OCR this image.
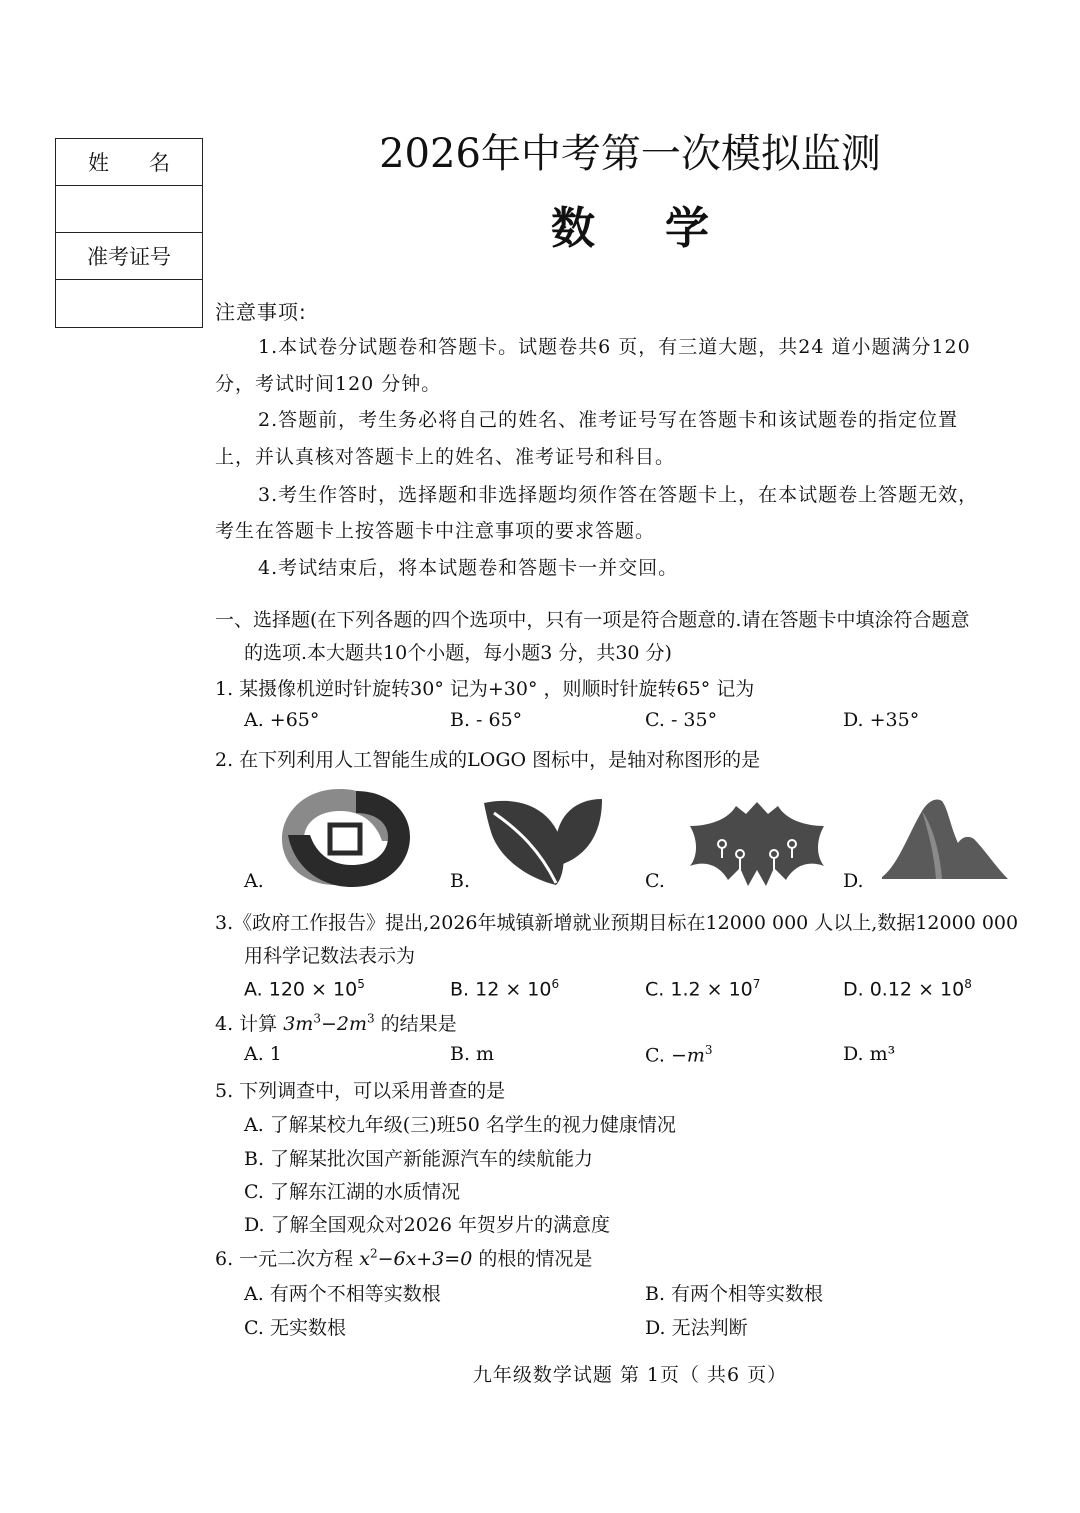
姓名
准考证号
2026年中考第一次模拟监测
数学
注意事项:
1.本试卷分试题卷和答题卡。试题卷共6 页，有三道大题，共24 道小题满分120
分，考试时间120 分钟。
2.答题前，考生务必将自己的姓名、准考证号写在答题卡和该试题卷的指定位置
上，并认真核对答题卡上的姓名、准考证号和科目。
3.考生作答时，选择题和非选择题均须作答在答题卡上，在本试题卷上答题无效，
考生在答题卡上按答题卡中注意事项的要求答题。
4.考试结束后，将本试题卷和答题卡一并交回。
一、选择题(在下列各题的四个选项中，只有一项是符合题意的.请在答题卡中填涂符合题意
的选项.本大题共10个小题，每小题3 分，共30 分)
1. 某摄像机逆时针旋转30° 记为+30° ，则顺时针旋转65° 记为
A. +65°	B. - 65°	C. - 35°	D. +35°
2. 在下列利用人工智能生成的LOGO 图标中，是轴对称图形的是
A.	B.	C.	D.
3.《政府工作报告》提出,2026年城镇新增就业预期目标在12000 000 人以上,数据12000 000
用科学记数法表示为
A. $120 \times 10^5$	B. $12 \times 10^6$	C. $1.2 \times 10^7$	D. $0.12 \times 10^8$
4. 计算 $3m^3-2m^3$ 的结果是
A. 1	B. m	C. $-m^3$	D. m³
5. 下列调查中，可以采用普查的是
A. 了解某校九年级(三)班50 名学生的视力健康情况
B. 了解某批次国产新能源汽车的续航能力
C. 了解东江湖的水质情况
D. 了解全国观众对2026 年贺岁片的满意度
6. 一元二次方程 $x^2-6x+3=0$ 的根的情况是
A. 有两个不相等实数根	B. 有两个相等实数根
C. 无实数根	D. 无法判断
九年级数学试题 第 1页（ 共6 页）
